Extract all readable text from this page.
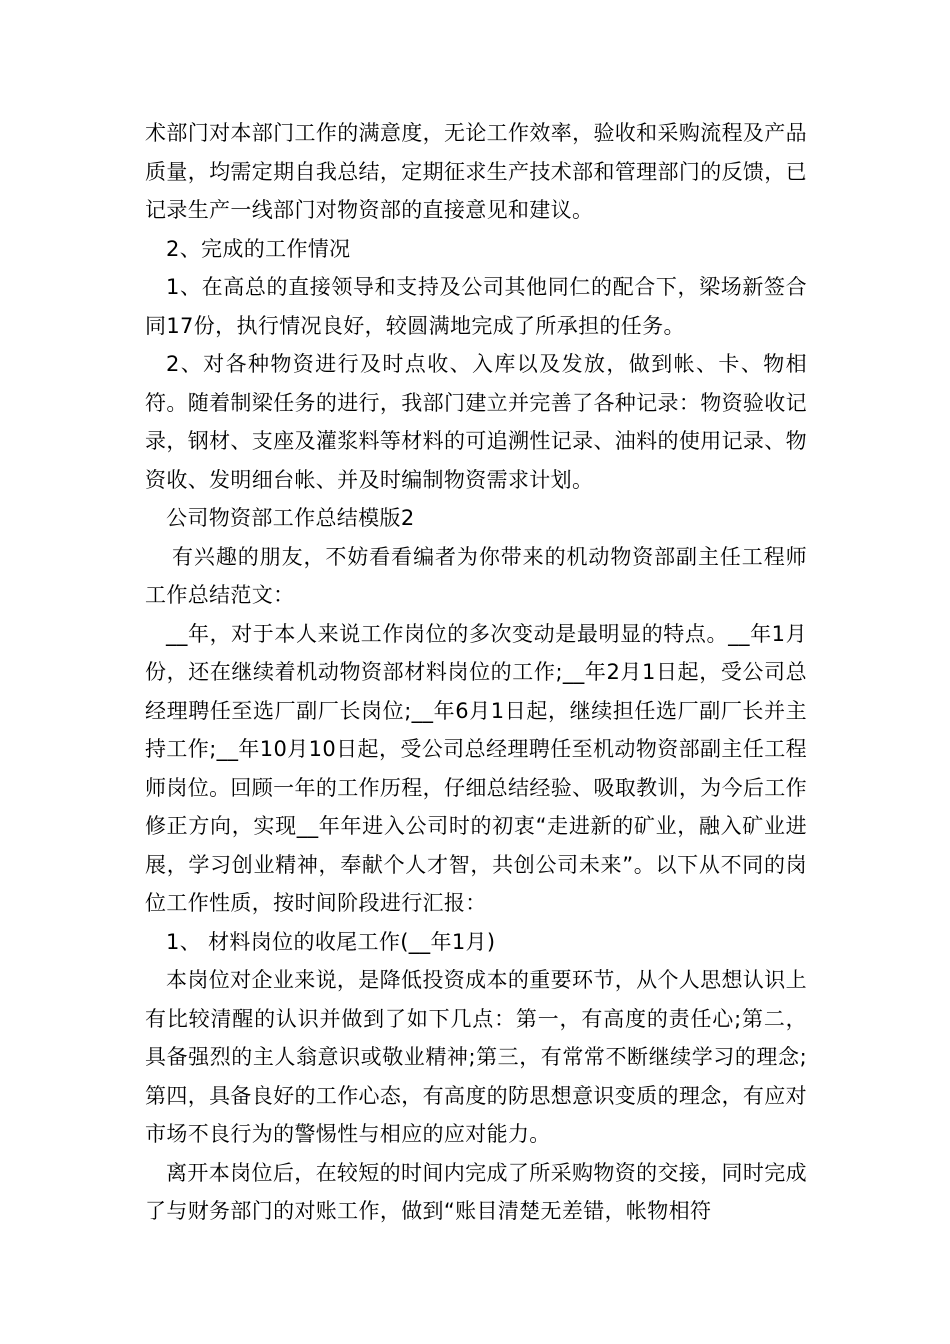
术部门对本部门工作的满意度，无论工作效率，验收和采购流程及产品质量，均需定期自我总结，定期征求生产技术部和管理部门的反馈，已记录生产一线部门对物资部的直接意见和建议。

2、完成的工作情况

1、在高总的直接领导和支持及公司其他同仁的配合下，梁场新签合同17份，执行情况良好，较圆满地完成了所承担的任务。

2、对各种物资进行及时点收、入库以及发放，做到帐、卡、物相符。随着制梁任务的进行，我部门建立并完善了各种记录：物资验收记录，钢材、支座及灌浆料等材料的可追溯性记录、油料的使用记录、物资收、发明细台帐、并及时编制物资需求计划。

公司物资部工作总结模版2

有兴趣的朋友，不妨看看编者为你带来的机动物资部副主任工程师工作总结范文：

__年，对于本人来说工作岗位的多次变动是最明显的特点。__年1月份，还在继续着机动物资部材料岗位的工作;__年2月1日起，受公司总经理聘任至选厂副厂长岗位;__年6月1日起，继续担任选厂副厂长并主持工作;__年10月10日起，受公司总经理聘任至机动物资部副主任工程师岗位。回顾一年的工作历程，仔细总结经验、吸取教训，为今后工作修正方向，实现__年年进入公司时的初衷“走进新的矿业，融入矿业进展，学习创业精神，奉献个人才智，共创公司未来”。以下从不同的岗位工作性质，按时间阶段进行汇报：

1、 材料岗位的收尾工作(__年1月)

本岗位对企业来说，是降低投资成本的重要环节，从个人思想认识上有比较清醒的认识并做到了如下几点：第一，有高度的责任心;第二，具备强烈的主人翁意识或敬业精神;第三，有常常不断继续学习的理念;第四，具备良好的工作心态，有高度的防思想意识变质的理念，有应对市场不良行为的警惕性与相应的应对能力。

离开本岗位后，在较短的时间内完成了所采购物资的交接，同时完成了与财务部门的对账工作，做到“账目清楚无差错，帐物相符
